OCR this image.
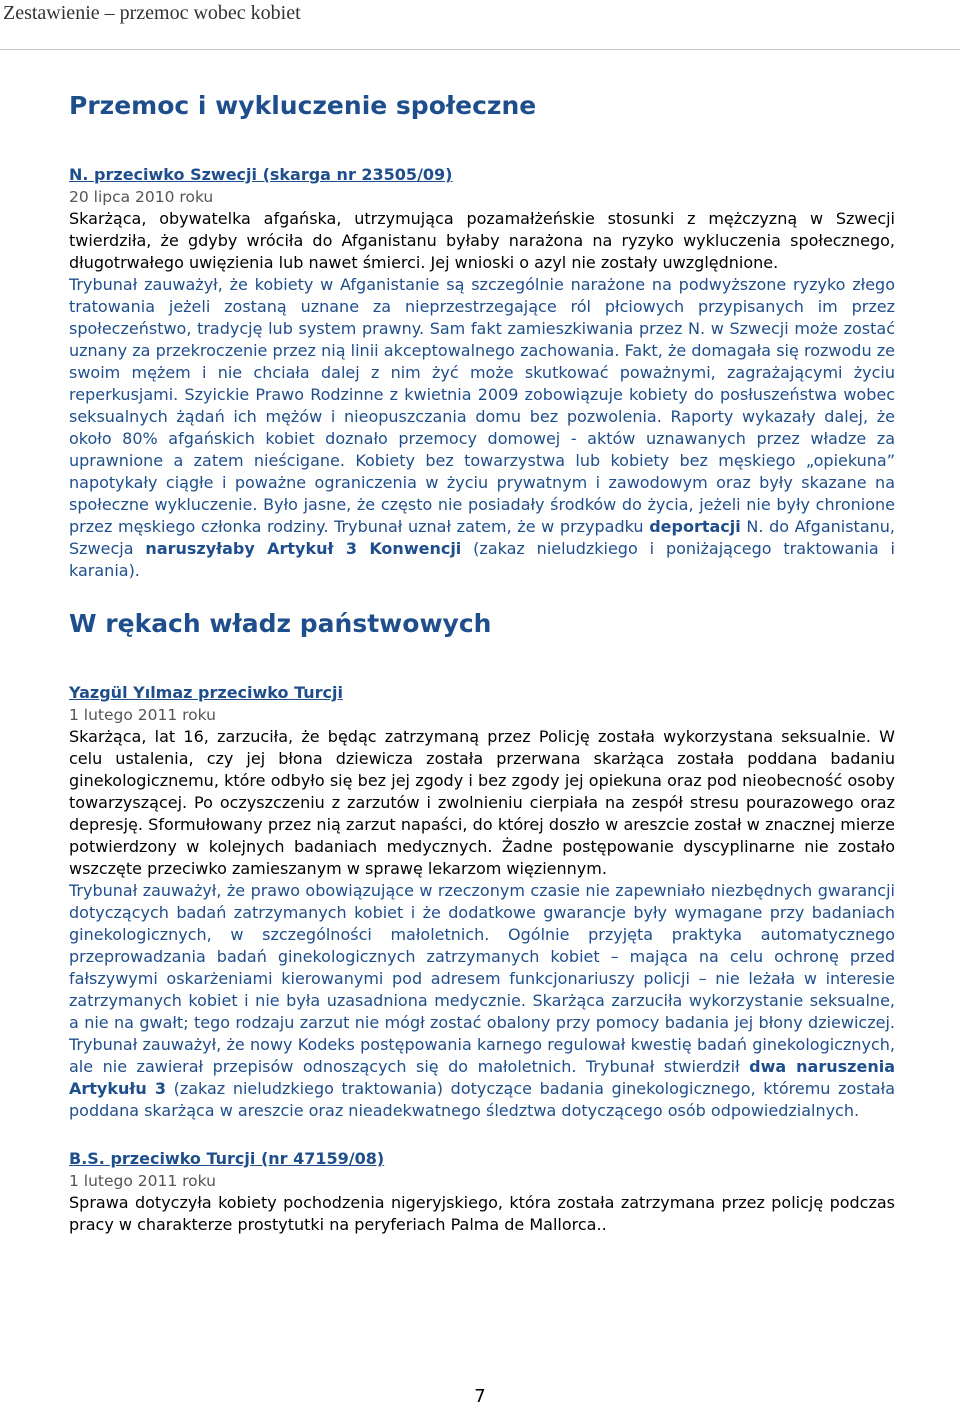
Zestawienie – przemoc wobec kobiet
Przemoc i wykluczenie społeczne
N. przeciwko Szwecji (skarga nr 23505/09)
20 lipca 2010 roku

Skarżąca, obywatelka afgańska, utrzymująca pozamałżeńskie stosunki z mężczyzną w Szwecji twierdziła, że gdyby wróciła do Afganistanu byłaby narażona na ryzyko wykluczenia społecznego, długotrwałego uwięzienia lub nawet śmierci. Jej wnioski o azyl nie zostały uwzględnione.

Trybunał zauważył, że kobiety w Afganistanie są szczególnie narażone na podwyższone ryzyko złego tratowania jeżeli zostaną uznane za nieprzestrzegające ról płciowych przypisanych im przez społeczeństwo, tradycję lub system prawny. Sam fakt zamieszkiwania przez N. w Szwecji może zostać uznany za przekroczenie przez nią linii akceptowalnego zachowania. Fakt, że domagała się rozwodu ze swoim mężem i nie chciała dalej z nim żyć może skutkować poważnymi, zagrażającymi życiu reperkusjami. Szyickie Prawo Rodzinne z kwietnia 2009 zobowiązuje kobiety do posłuszeństwa wobec seksualnych żądań ich mężów i nieopuszczania domu bez pozwolenia. Raporty wykazały dalej, że około 80% afgańskich kobiet doznało przemocy domowej - aktów uznawanych przez władze za uprawnione a zatem nieścigane. Kobiety bez towarzystwa lub kobiety bez męskiego „opiekuna” napotykały ciągłe i poważne ograniczenia w życiu prywatnym i zawodowym oraz były skazane na społeczne wykluczenie. Było jasne, że często nie posiadały środków do życia, jeżeli nie były chronione przez męskiego członka rodziny. Trybunał uznał zatem, że w przypadku deportacji N. do Afganistanu, Szwecja naruszyłaby Artykuł 3 Konwencji (zakaz nieludzkiego i poniżającego traktowania i karania).

W rękach władz państwowych
Yazgül Yılmaz przeciwko Turcji
1 lutego 2011 roku

Skarżąca, lat 16, zarzuciła, że będąc zatrzymaną przez Policję została wykorzystana seksualnie. W celu ustalenia, czy jej błona dziewicza została przerwana skarżąca została poddana badaniu ginekologicznemu, które odbyło się bez jej zgody i bez zgody jej opiekuna oraz pod nieobecność osoby towarzyszącej. Po oczyszczeniu z zarzutów i zwolnieniu cierpiała na zespół stresu pourazowego oraz depresję. Sformułowany przez nią zarzut napaści, do której doszło w areszcie został w znacznej mierze potwierdzony w kolejnych badaniach medycznych. Żadne postępowanie dyscyplinarne nie zostało wszczęte przeciwko zamieszanym w sprawę lekarzom więziennym.

Trybunał zauważył, że prawo obowiązujące w rzeczonym czasie nie zapewniało niezbędnych gwarancji dotyczących badań zatrzymanych kobiet i że dodatkowe gwarancje były wymagane przy badaniach ginekologicznych, w szczególności małoletnich. Ogólnie przyjęta praktyka automatycznego przeprowadzania badań ginekologicznych zatrzymanych kobiet – mająca na celu ochronę przed fałszywymi oskarżeniami kierowanymi pod adresem funkcjonariuszy policji – nie leżała w interesie zatrzymanych kobiet i nie była uzasadniona medycznie. Skarżąca zarzuciła wykorzystanie seksualne, a nie na gwałt; tego rodzaju zarzut nie mógł zostać obalony przy pomocy badania jej błony dziewiczej. Trybunał zauważył, że nowy Kodeks postępowania karnego regulował kwestię badań ginekologicznych, ale nie zawierał przepisów odnoszących się do małoletnich. Trybunał stwierdził dwa naruszenia Artykułu 3 (zakaz nieludzkiego traktowania) dotyczące badania ginekologicznego, któremu została poddana skarżąca w areszcie oraz nieadekwatnego śledztwa dotyczącego osób odpowiedzialnych.

B.S. przeciwko Turcji (nr 47159/08)
1 lutego 2011 roku

Sprawa dotyczyła kobiety pochodzenia nigeryjskiego, która została zatrzymana przez policję podczas pracy w charakterze prostytutki na peryferiach Palma de Mallorca..

7
